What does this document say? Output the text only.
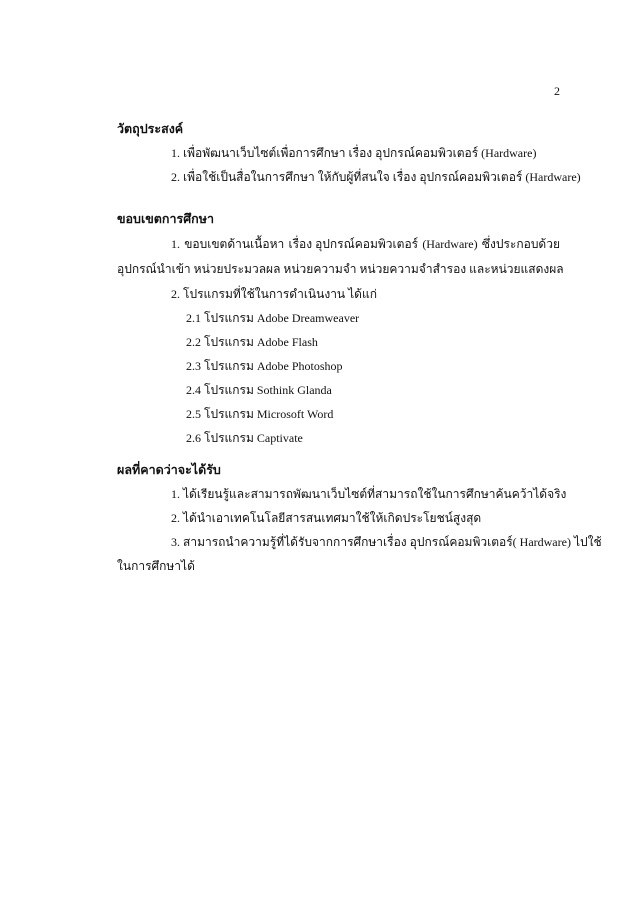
2
วัตถุประสงค์
1. เพื่อพัฒนาเว็บไซต์เพื่อการศึกษา เรื่อง อุปกรณ์คอมพิวเตอร์ (Hardware)
2. เพื่อใช้เป็นสื่อในการศึกษา ให้กับผู้ที่สนใจ เรื่อง อุปกรณ์คอมพิวเตอร์ (Hardware)
ขอบเขตการศึกษา
1. ขอบเขตด้านเนื้อหา เรื่อง อุปกรณ์คอมพิวเตอร์ (Hardware) ซึ่งประกอบด้วย
อุปกรณ์นำเข้า หน่วยประมวลผล หน่วยความจำ หน่วยความจำสำรอง และหน่วยแสดงผล
2. โปรแกรมที่ใช้ในการดำเนินงาน ได้แก่
2.1 โปรแกรม Adobe Dreamweaver
2.2 โปรแกรม Adobe Flash
2.3 โปรแกรม Adobe Photoshop
2.4 โปรแกรม Sothink Glanda
2.5 โปรแกรม Microsoft Word
2.6 โปรแกรม Captivate
ผลที่คาดว่าจะได้รับ
1. ได้เรียนรู้และสามารถพัฒนาเว็บไซต์ที่สามารถใช้ในการศึกษาค้นคว้าได้จริง
2. ได้นำเอาเทคโนโลยีสารสนเทศมาใช้ให้เกิดประโยชน์สูงสุด
3. สามารถนำความรู้ที่ได้รับจากการศึกษาเรื่อง อุปกรณ์คอมพิวเตอร์( Hardware) ไปใช้
ในการศึกษาได้
